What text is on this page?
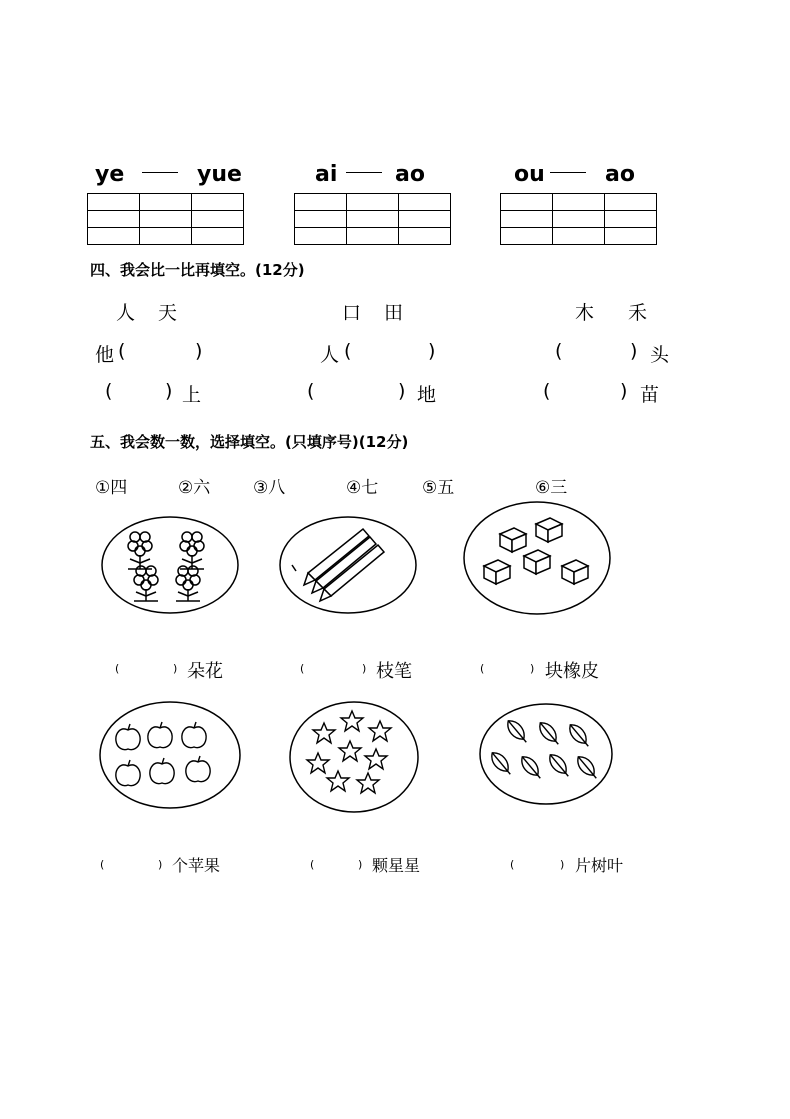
ye	yue

			ai	ao

			ou	ao

四、我会比一比再填空。(12分)
人 天	口 田	木 禾
他 (	)	人 (	)	(	) 头
(	) 上	(	) 地	(	) 苗
五、我会数一数，选择填空。(只填序号)(12分)
①四	②六	③八	④七	⑤五	⑥三
(	) 朵花	(	) 枝笔	(	) 块橡皮
(	) 个苹果	(	) 颗星星	(	) 片树叶
